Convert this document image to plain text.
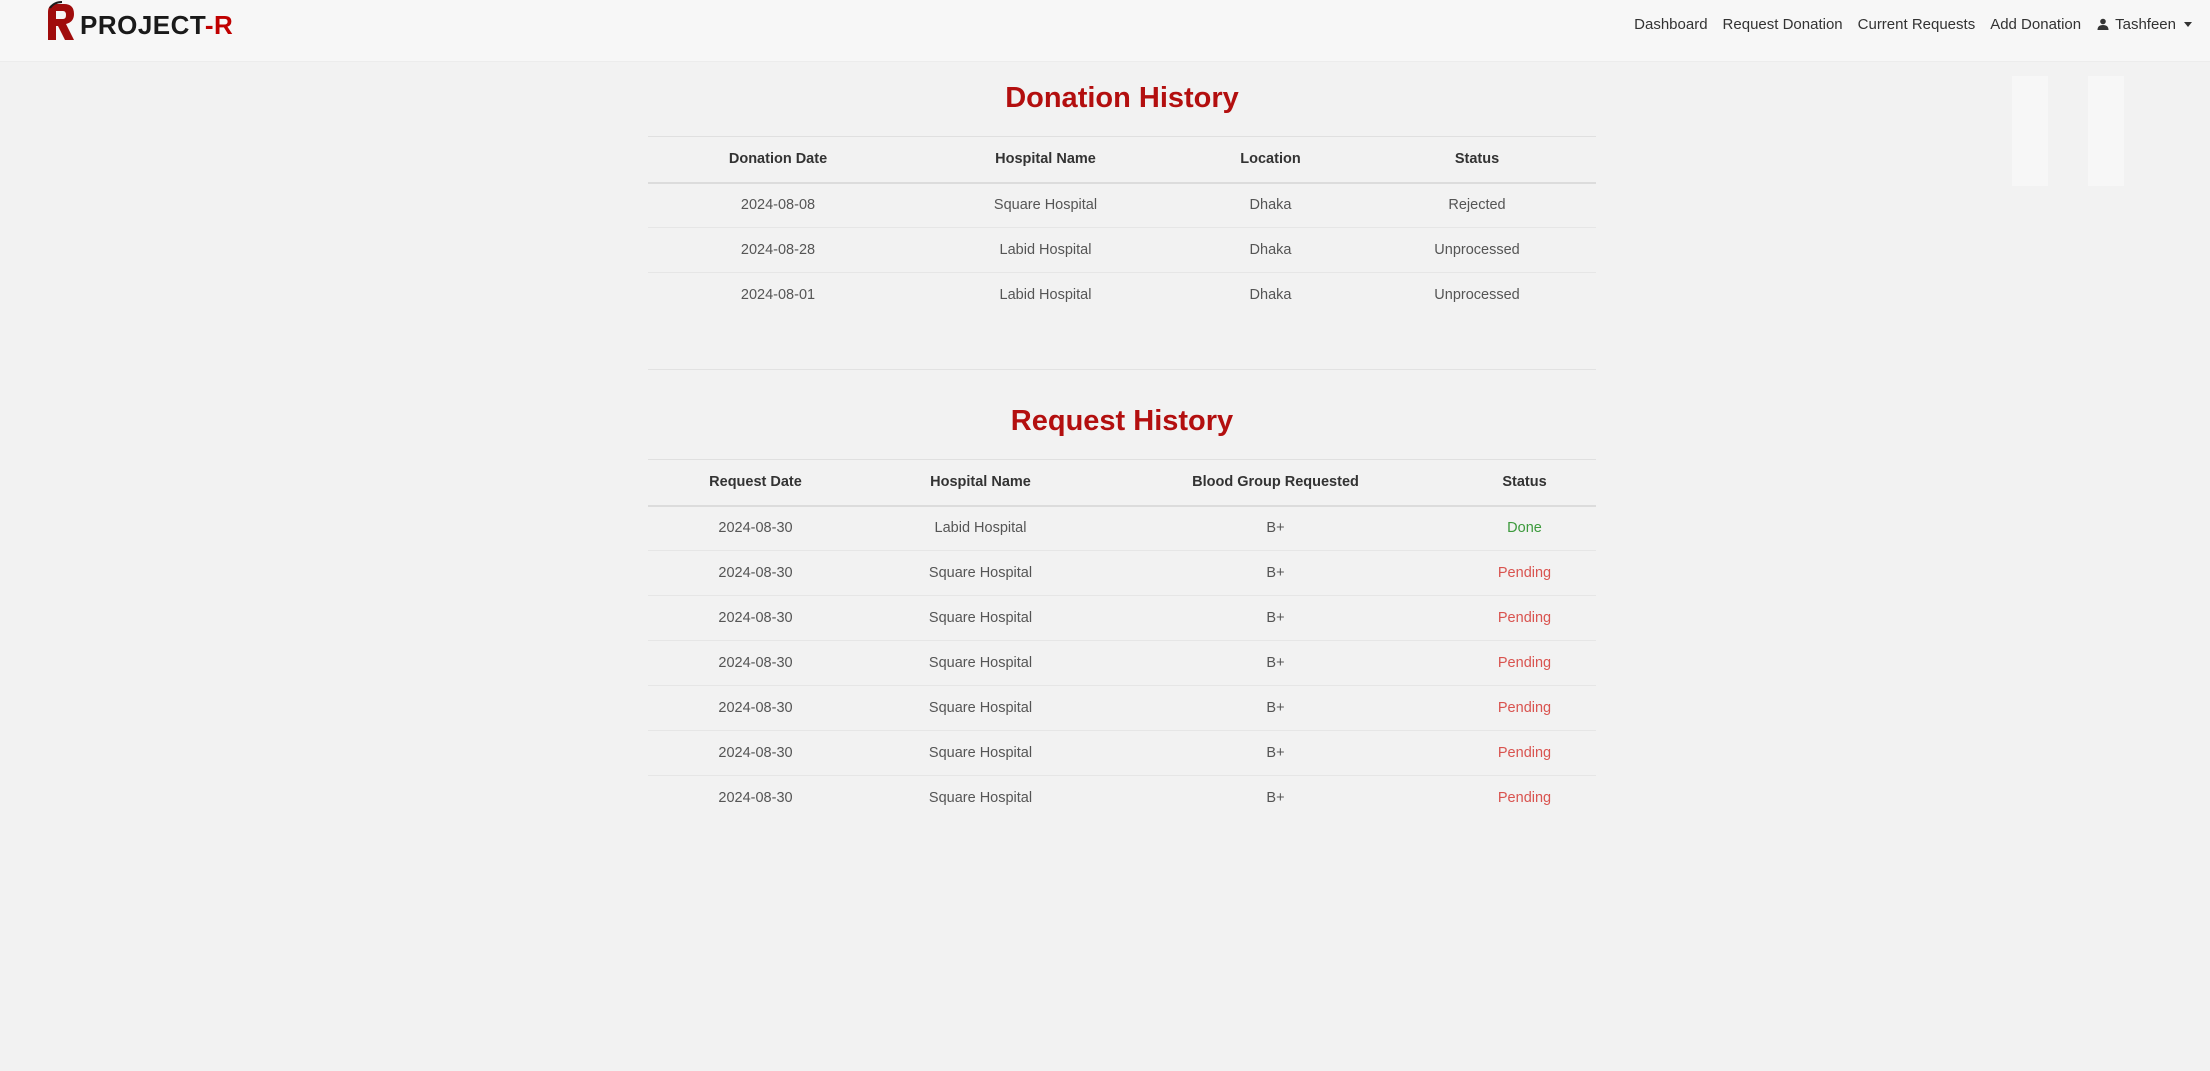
PROJECT-R	Dashboard Request Donation Current Requests Add Donation Tashfeen
Donation History
Donation Date	Hospital Name	Location	Status
2024-08-08	Square Hospital	Dhaka	Rejected
2024-08-28	Labid Hospital	Dhaka	Unprocessed
2024-08-01	Labid Hospital	Dhaka	Unprocessed
Request History
Request Date	Hospital Name	Blood Group Requested	Status
2024-08-30	Labid Hospital	B+	Done
2024-08-30	Square Hospital	B+	Pending
2024-08-30	Square Hospital	B+	Pending
2024-08-30	Square Hospital	B+	Pending
2024-08-30	Square Hospital	B+	Pending
2024-08-30	Square Hospital	B+	Pending
2024-08-30	Square Hospital	B+	Pending
